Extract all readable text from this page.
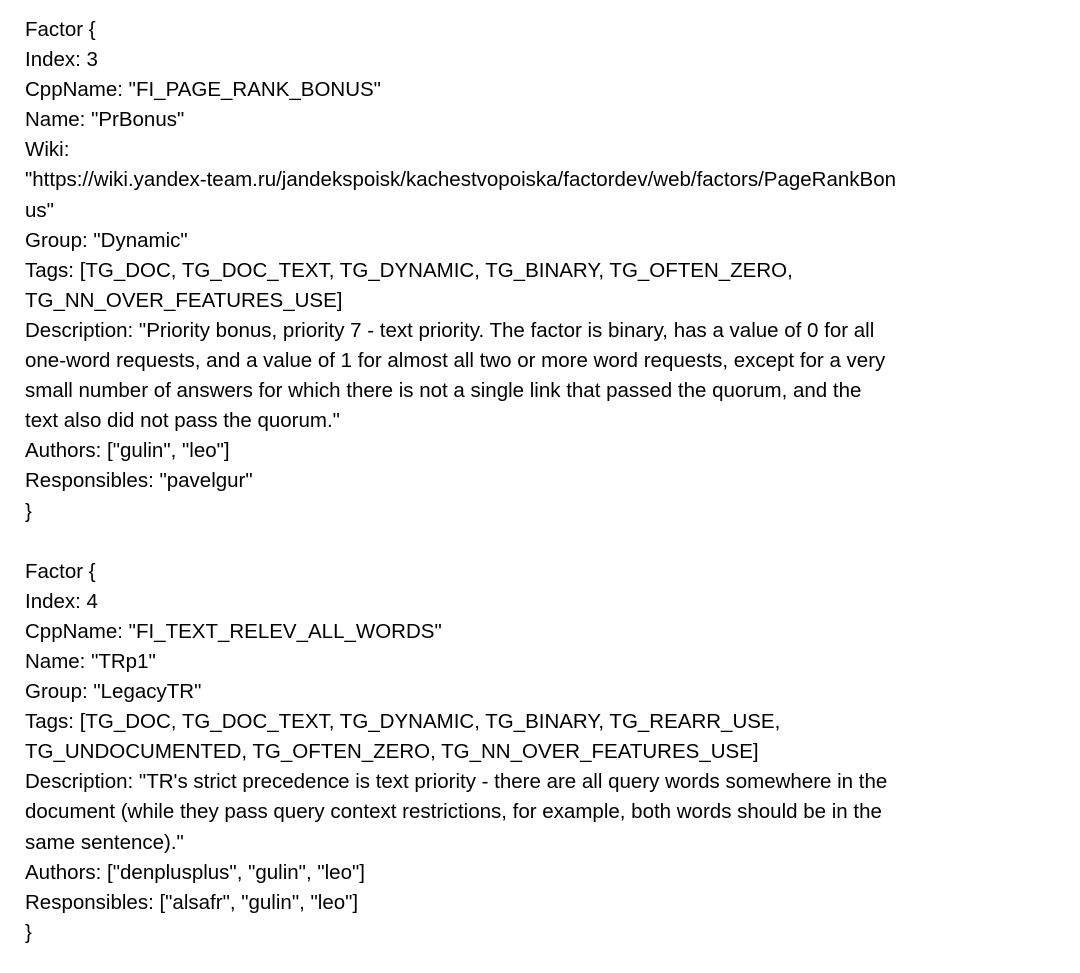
Factor {
Index: 3
CppName: "FI_PAGE_RANK_BONUS"
Name: "PrBonus"
Wiki:
"https://wiki.yandex-team.ru/jandekspoisk/kachestvopoiska/factordev/web/factors/PageRankBon
us"
Group: "Dynamic"
Tags: [TG_DOC, TG_DOC_TEXT, TG_DYNAMIC, TG_BINARY, TG_OFTEN_ZERO,
TG_NN_OVER_FEATURES_USE]
Description: "Priority bonus, priority 7 - text priority. The factor is binary, has a value of 0 for all
one-word requests, and a value of 1 for almost all two or more word requests, except for a very
small number of answers for which there is not a single link that passed the quorum, and the
text also did not pass the quorum."
Authors: ["gulin", "leo"]
Responsibles: "pavelgur"
}
Factor {
Index: 4
CppName: "FI_TEXT_RELEV_ALL_WORDS"
Name: "TRp1"
Group: "LegacyTR"
Tags: [TG_DOC, TG_DOC_TEXT, TG_DYNAMIC, TG_BINARY, TG_REARR_USE,
TG_UNDOCUMENTED, TG_OFTEN_ZERO, TG_NN_OVER_FEATURES_USE]
Description: "TR's strict precedence is text priority - there are all query words somewhere in the
document (while they pass query context restrictions, for example, both words should be in the
same sentence)."
Authors: ["denplusplus", "gulin", "leo"]
Responsibles: ["alsafr", "gulin", "leo"]
}
